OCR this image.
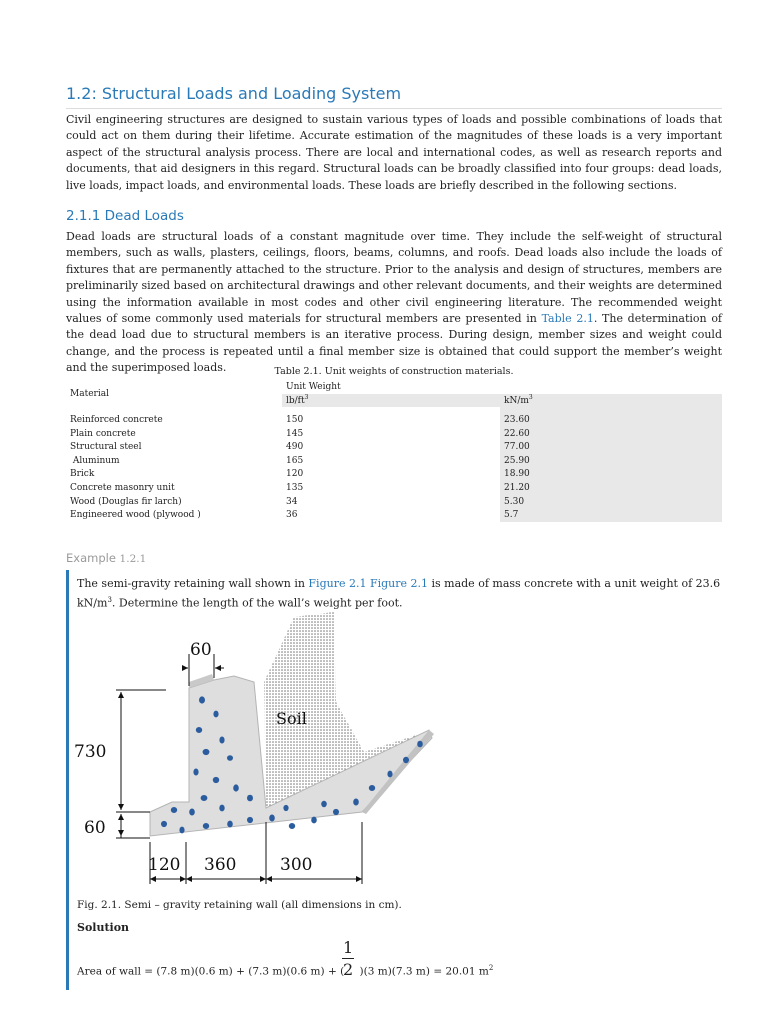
1.2: Structural Loads and Loading System

Civil engineering structures are designed to sustain various types of loads and possible combinations of loads that could act on them during their lifetime. Accurate estimation of the magnitudes of these loads is a very important aspect of the structural analysis process. There are local and international codes, as well as research reports and documents, that aid designers in this regard. Structural loads can be broadly classified into four groups: dead loads, live loads, impact loads, and environmental loads. These loads are briefly described in the following sections.

2.1.1 Dead Loads

Dead loads are structural loads of a constant magnitude over time. They include the self-weight of structural members, such as walls, plasters, ceilings, floors, beams, columns, and roofs. Dead loads also include the loads of fixtures that are permanently attached to the structure. Prior to the analysis and design of structures, members are preliminarily sized based on architectural drawings and other relevant documents, and their weights are determined using the information available in most codes and other civil engineering literature. The recommended weight values of some commonly used materials for structural members are presented in Table 2.1. The determination of the dead load due to structural members is an iterative process. During design, member sizes and weight could change, and the process is repeated until a final member size is obtained that could support the member’s weight and the superimposed loads.	Table 2.1. Unit weights of construction materials.
Material	Unit Weight	
	$lb/ft^3$	$kN/m^3$

Reinforced concrete	150	23.60
Plain concrete	145	22.60
Structural steel	490	77.00
Aluminum	165	25.90
Brick	120	18.90
Concrete masonry unit	135	21.20
Wood (Douglas fir larch)	34	5.30
Engineered wood (plywood )	36	5.7
Example 1.2.1
The semi-gravity retaining wall shown in Figure 2.1 Figure 2.1 is made of mass concrete with a unit weight of 23.6 $kN/m^3$. Determine the length of the wall’s weight per foot.
60
730
60
120 360	300
Soil
Fig. 2.1. Semi – gravity retaining wall (all dimensions in cm).
Solution
1
2
Area of wall = (7.8 m)(0.6 m) + (7.3 m)(0.6 m) + ( )(3 m)(7.3 m) = 20.01 $m^2$
